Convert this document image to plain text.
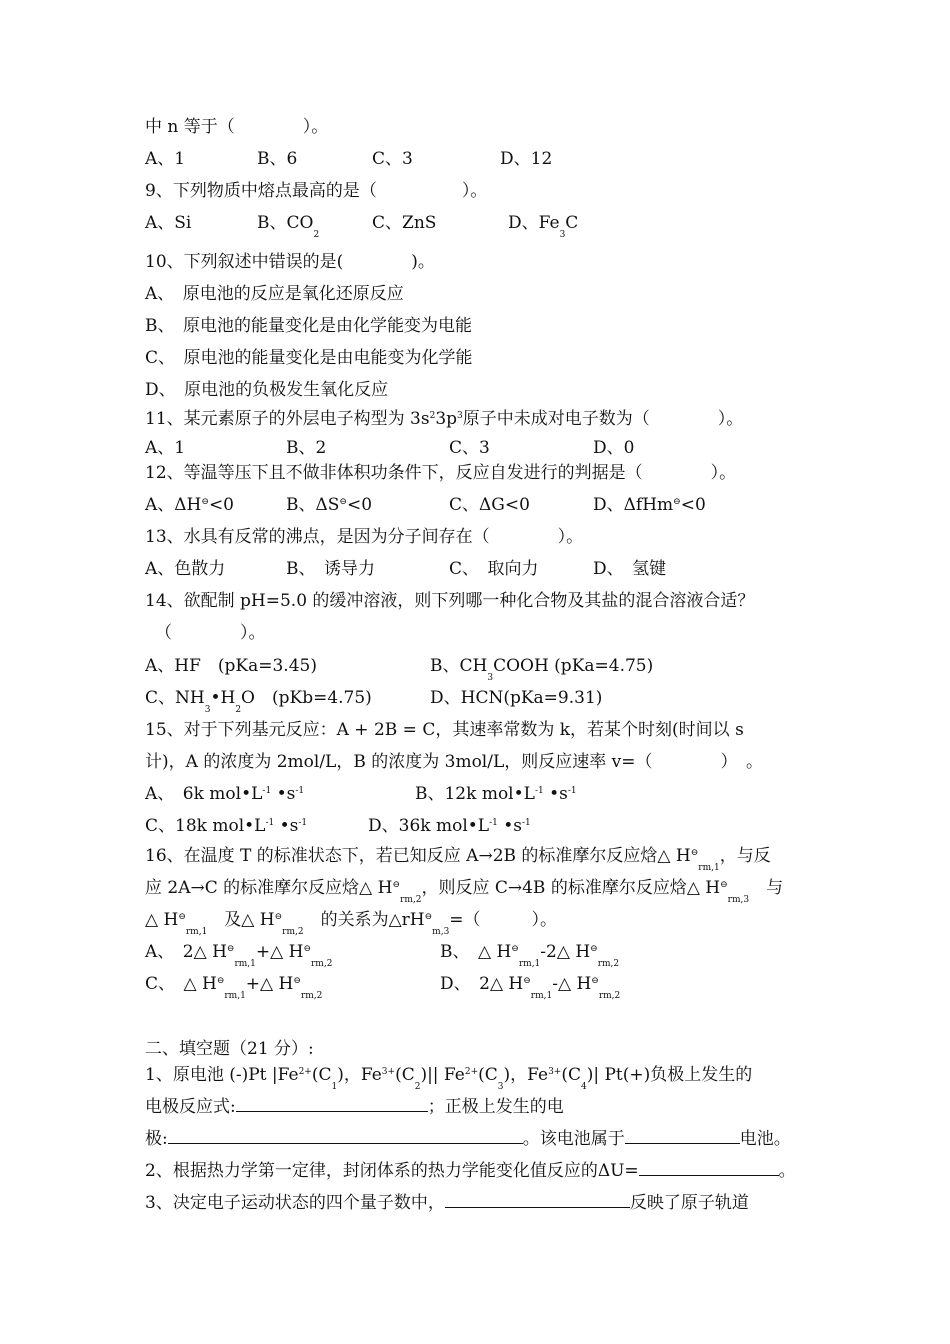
中 n 等于（　　　　）。
A、1	B、6	C、3	D、12
9、下列物质中熔点最高的是（　　　　　）。
A、Si	B、$CO_2$
C、ZnS	D、$Fe_3C$
10、下列叙述中错误的是(　　　　)。
A、　原电池的反应是氧化还原反应
B、　原电池的能量变化是由化学能变为电能
C、　原电池的能量变化是由电能变为化学能
D、　原电池的负极发生氧化反应
11、某元素原子的外层电子构型为 $3s^23p^3$原子中未成对电子数为（　　　　）。
A、1	B、2	C、3	D、0
12、等温等压下且不做非体积功条件下，反应自发进行的判据是（　　　　）。
A、ΔH⊖<0	B、ΔS⊖<0	C、ΔG<0	D、ΔfHm⊖<0
13、水具有反常的沸点，是因为分子间存在（　　　　）。
A、色散力	B、　诱导力	C、　取向力	D、　氢键
14、欲配制 pH=5.0 的缓冲溶液，则下列哪一种化合物及其盐的混合溶液合适？
（　　　　）。
A、HF　(pKa=3.45)	B、$CH_3COOH$ (pKa=4.75)
C、$NH_3•H_2O$　(pKb=4.75)	D、HCN(pKa=9.31)
15、对于下列基元反应：A + 2B = C，其速率常数为 k，若某个时刻(时间以 s
计)，A 的浓度为 2mol/L，B 的浓度为 3mol/L，则反应速率 v=（　　　　）　。
A、　6k $mol•L^{-1}$ $•s^{-1}$	B、12k $mol•L^{-1}$ $•s^{-1}$
C、18k $mol•L^{-1}$ $•s^{-1}$	D、36k $mol•L^{-1}$ $•s^{-1}$
16、在温度 T 的标准状态下，若已知反应 A→2B 的标准摩尔反应焓△ $H^⊖_{rm,1}$，与反
应 2A→C 的标准摩尔反应焓△ $H^⊖_{rm,2}$，则反应 C→4B 的标准摩尔反应焓△ $H^⊖_{rm,3}$　与
△ $H^⊖_{rm,1}$　及△ $H^⊖_{rm,2}$　的关系为$\triangle rH^⊖_{m,3}=$（　　　）。
A、　2△ $H^⊖_{rm,1}+\triangle$ $H^⊖_{rm,2}$
B、　△ $H^⊖_{rm,1}-2\triangle$ $H^⊖_{rm,2}$
C、　△ $H^⊖_{rm,1}+\triangle$ $H^⊖_{rm,2}$
D、　2△ $H^⊖_{rm,1}-\triangle$ $H^⊖_{rm,2}$
二、填空题（21 分）:
1、原电池 (-)Pt $|Fe^{2+}(C_1)$，$Fe^{3+}(C_2)||$ $Fe^{2+}(C_3)$，$Fe^{3+}(C_4)|$ Pt(+)负极上发生的
电极反应式:	；正极上发生的电
极:	。该电池属于	电池。
2、根据热力学第一定律，封闭体系的热力学能变化值反应的ΔU=	。
3、决定电子运动状态的四个量子数中，	反映了原子轨道
